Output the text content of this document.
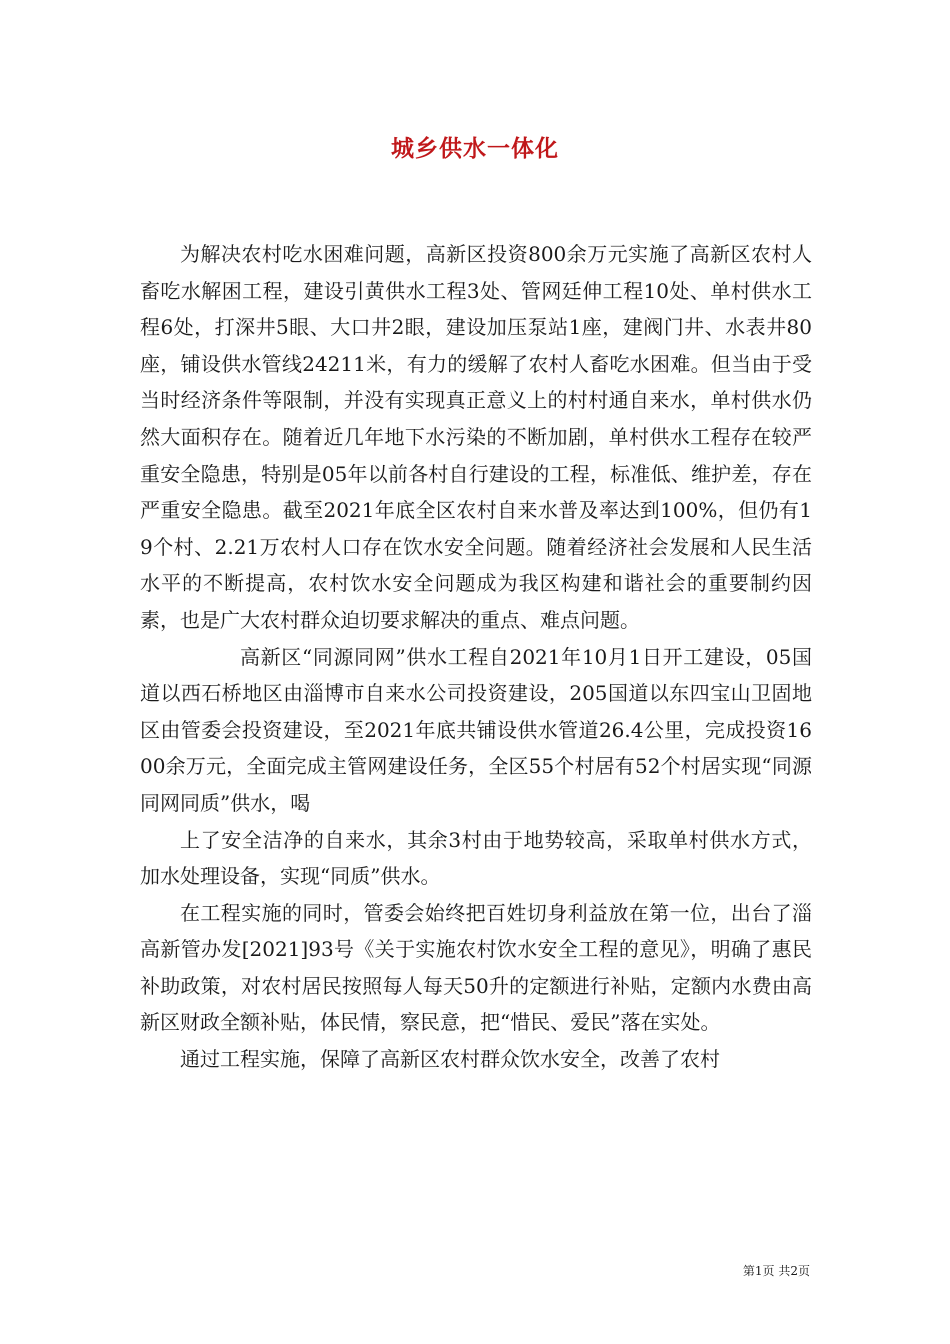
城乡供水一体化

为解决农村吃水困难问题，高新区投资800余万元实施了高新区农村人畜吃水解困工程，建设引黄供水工程3处、管网廷伸工程10处、单村供水工程6处，打深井5眼、大口井2眼，建设加压泵站1座，建阀门井、水表井80座，铺设供水管线24211米，有力的缓解了农村人畜吃水困难。但当由于受当时经济条件等限制，并没有实现真正意义上的村村通自来水，单村供水仍然大面积存在。随着近几年地下水污染的不断加剧，单村供水工程存在较严重安全隐患，特别是05年以前各村自行建设的工程，标准低、维护差，存在严重安全隐患。截至2021年底全区农村自来水普及率达到100%，但仍有19个村、2.21万农村人口存在饮水安全问题。随着经济社会发展和人民生活水平的不断提高，农村饮水安全问题成为我区构建和谐社会的重要制约因素，也是广大农村群众迫切要求解决的重点、难点问题。

高新区“同源同网”供水工程自2021年10月1日开工建设，05国道以西石桥地区由淄博市自来水公司投资建设，205国道以东四宝山卫固地区由管委会投资建设，至2021年底共铺设供水管道26.4公里，完成投资1600余万元，全面完成主管网建设任务，全区55个村居有52个村居实现“同源同网同质”供水，喝

上了安全洁净的自来水，其余3村由于地势较高，采取单村供水方式，加水处理设备，实现“同质”供水。

在工程实施的同时，管委会始终把百姓切身利益放在第一位，出台了淄高新管办发[2021]93号《关于实施农村饮水安全工程的意见》，明确了惠民补助政策，对农村居民按照每人每天50升的定额进行补贴，定额内水费由高新区财政全额补贴，体民情，察民意，把“惜民、爱民”落在实处。

通过工程实施，保障了高新区农村群众饮水安全，改善了农村

第1页 共2页
